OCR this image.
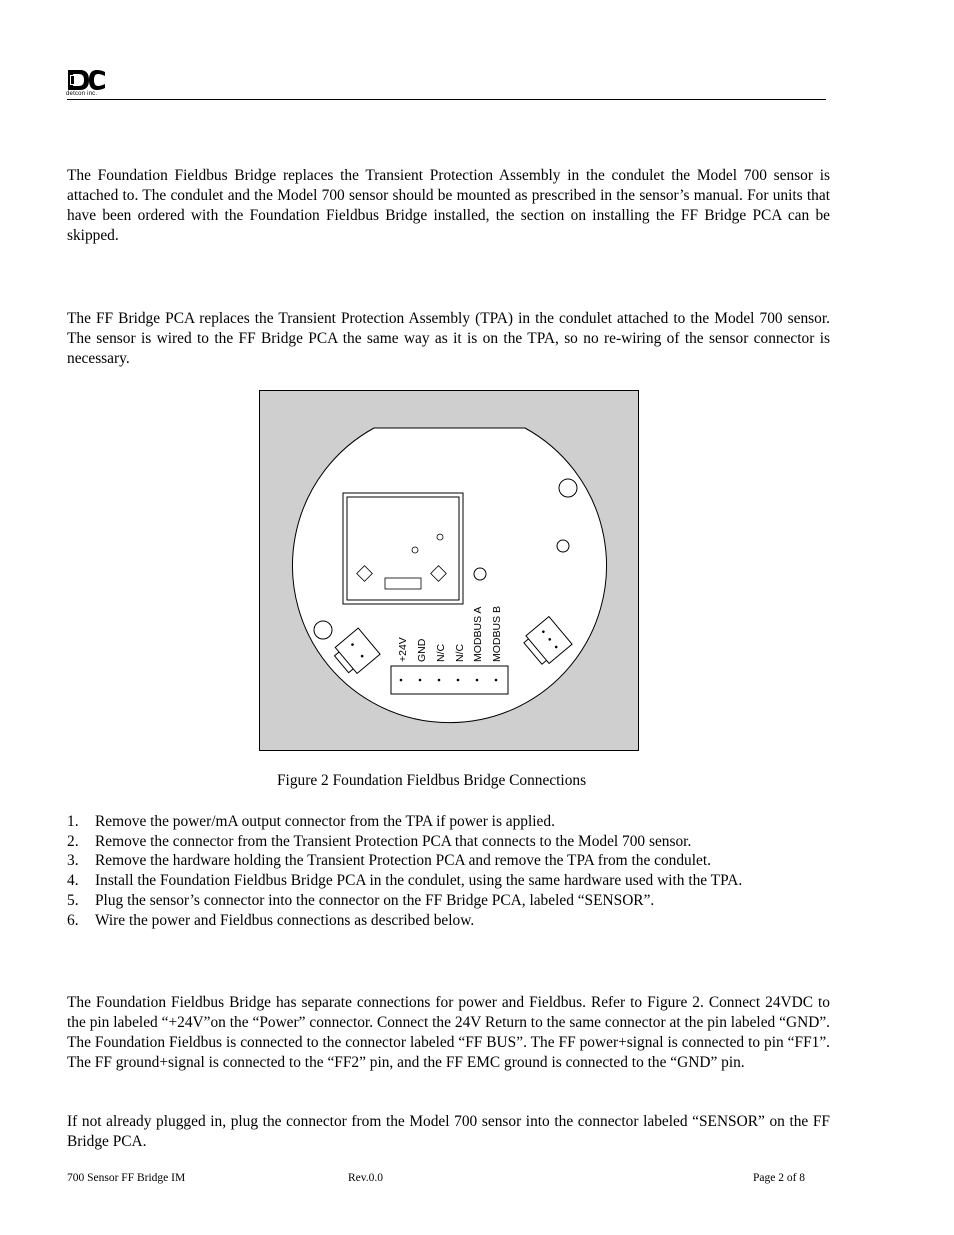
detcon inc.

The Foundation Fieldbus Bridge replaces the Transient Protection Assembly in the condulet the Model 700 sensor is attached to. The condulet and the Model 700 sensor should be mounted as prescribed in the sensor’s manual. For units that have been ordered with the Foundation Fieldbus Bridge installed, the section on installing the FF Bridge PCA can be skipped.

The FF Bridge PCA replaces the Transient Protection Assembly (TPA) in the condulet attached to the Model 700 sensor. The sensor is wired to the FF Bridge PCA the same way as it is on the TPA, so no re-wiring of the sensor connector is necessary.

+24V GND N/C N/C MODBUS A MODBUS B
Figure 2 Foundation Fieldbus Bridge Connections
1. Remove the power/mA output connector from the TPA if power is applied.
2. Remove the connector from the Transient Protection PCA that connects to the Model 700 sensor.
3. Remove the hardware holding the Transient Protection PCA and remove the TPA from the condulet.
4. Install the Foundation Fieldbus Bridge PCA in the condulet, using the same hardware used with the TPA.
5. Plug the sensor’s connector into the connector on the FF Bridge PCA, labeled “SENSOR”.
6. Wire the power and Fieldbus connections as described below.

The Foundation Fieldbus Bridge has separate connections for power and Fieldbus. Refer to Figure 2. Connect 24VDC to the pin labeled “+24V”on the “Power” connector. Connect the 24V Return to the same connector at the pin labeled “GND”. The Foundation Fieldbus is connected to the connector labeled “FF BUS”. The FF power+signal is connected to pin “FF1”. The FF ground+signal is connected to the “FF2” pin, and the FF EMC ground is connected to the “GND” pin.

If not already plugged in, plug the connector from the Model 700 sensor into the connector labeled “SENSOR” on the FF Bridge PCA.

700 Sensor FF Bridge IM	Rev.0.0	Page 2 of 8
